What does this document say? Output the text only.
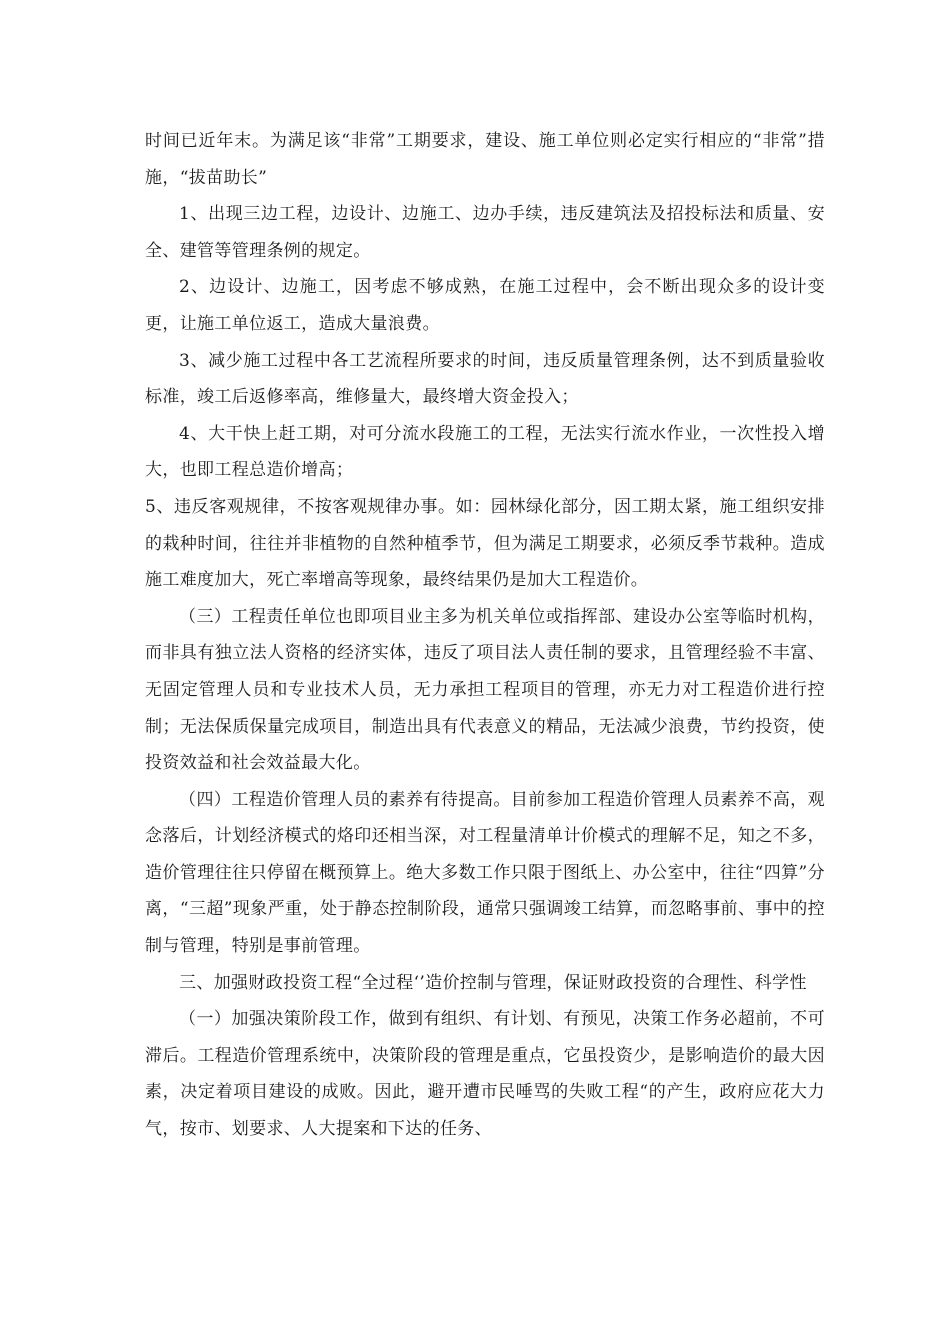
时间已近年末。为满足该“非常”工期要求，建设、施工单位则必定实行相应的“非常”措施，“拔苗助长”

1、出现三边工程，边设计、边施工、边办手续，违反建筑法及招投标法和质量、安全、建管等管理条例的规定。

2、边设计、边施工，因考虑不够成熟，在施工过程中，会不断出现众多的设计变更，让施工单位返工，造成大量浪费。

3、减少施工过程中各工艺流程所要求的时间，违反质量管理条例，达不到质量验收标准，竣工后返修率高，维修量大，最终增大资金投入；

4、大干快上赶工期，对可分流水段施工的工程，无法实行流水作业，一次性投入增大，也即工程总造价增高；

5、违反客观规律，不按客观规律办事。如：园林绿化部分，因工期太紧，施工组织安排的栽种时间，往往并非植物的自然种植季节，但为满足工期要求，必须反季节栽种。造成施工难度加大，死亡率增高等现象，最终结果仍是加大工程造价。

（三）工程责任单位也即项目业主多为机关单位或指挥部、建设办公室等临时机构，而非具有独立法人资格的经济实体，违反了项目法人责任制的要求，且管理经验不丰富、无固定管理人员和专业技术人员，无力承担工程项目的管理，亦无力对工程造价进行控制；无法保质保量完成项目，制造出具有代表意义的精品，无法减少浪费，节约投资，使投资效益和社会效益最大化。

（四）工程造价管理人员的素养有待提高。目前参加工程造价管理人员素养不高，观念落后，计划经济模式的烙印还相当深，对工程量清单计价模式的理解不足，知之不多，造价管理往往只停留在概预算上。绝大多数工作只限于图纸上、办公室中，往往“四算”分离，“三超”现象严重，处于静态控制阶段，通常只强调竣工结算，而忽略事前、事中的控制与管理，特别是事前管理。

三、加强财政投资工程“全过程‘’造价控制与管理，保证财政投资的合理性、科学性

（一）加强决策阶段工作，做到有组织、有计划、有预见，决策工作务必超前，不可滞后。工程造价管理系统中，决策阶段的管理是重点，它虽投资少，是影响造价的最大因素，决定着项目建设的成败。因此，避开遭市民唾骂的失败工程“的产生，政府应花大力气，按市、划要求、人大提案和下达的任务、
